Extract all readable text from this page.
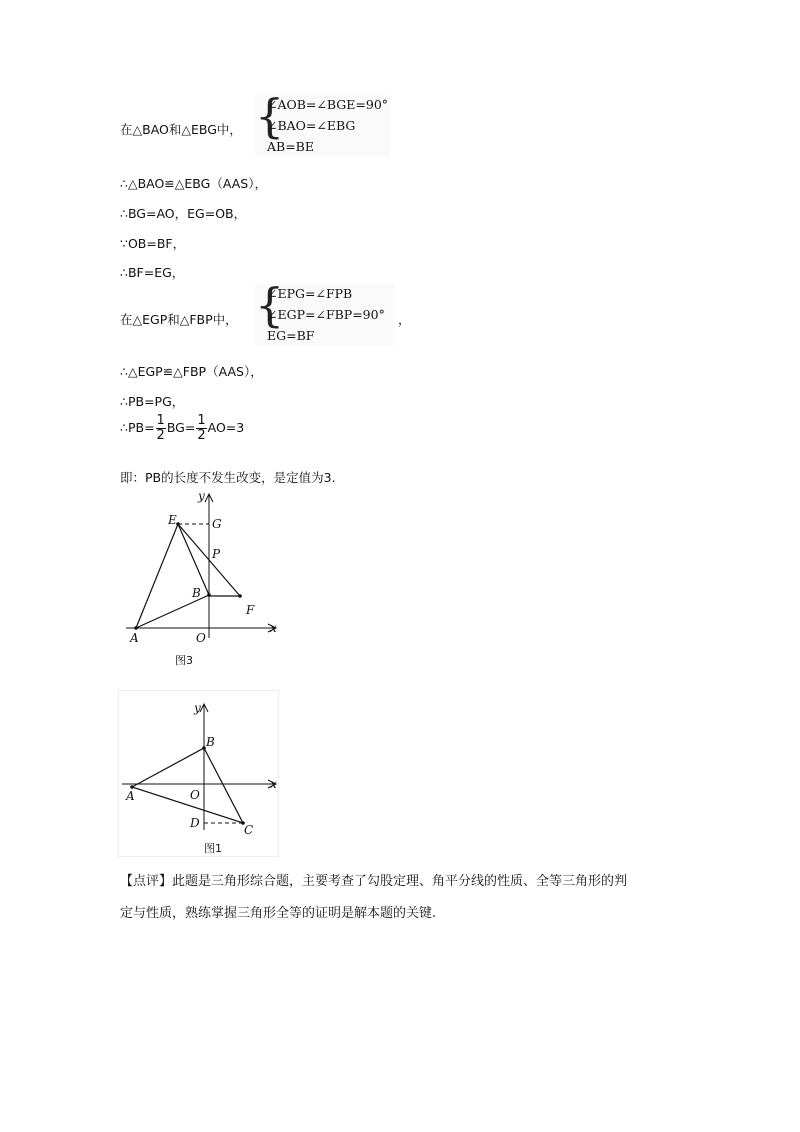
在△BAO和△EBG中， {
∠AOB=∠BGE=90°
∠BAO=∠EBG
AB=BE
∴△BAO≌△EBG（AAS），
∴BG=AO，EG=OB，
∵OB=BF，
∴BF=EG，
在△EGP和△FBP中， {
∠EPG=∠FPB
∠EGP=∠FBP=90°
EG=BF
，
∴△EGP≌△FBP（AAS），
∴PB=PG，
∴PB= $\frac{1}{2} BG= \frac{1}{2} AO=3$
即：PB的长度不发生改变，是定值为3.
E	G
P
B
F
A	O
x
y
图3
B
A	O
D	C
x
y
图1
【点评】此题是三角形综合题，主要考查了勾股定理、角平分线的性质、全等三角形的判
定与性质，熟练掌握三角形全等的证明是解本题的关键.
